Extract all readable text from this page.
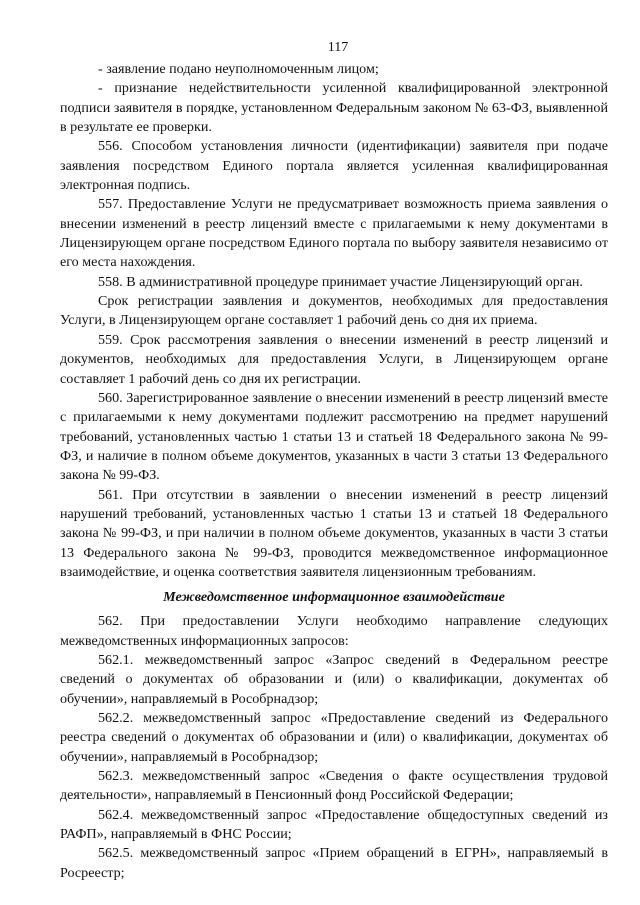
117

- заявление подано неуполномоченным лицом;

- признание недействительности усиленной квалифицированной электронной подписи заявителя в порядке, установленном Федеральным законом № 63-ФЗ, выявленной в результате ее проверки.

556. Способом установления личности (идентификации) заявителя при подаче заявления посредством Единого портала является усиленная квалифицированная электронная подпись.

557. Предоставление Услуги не предусматривает возможность приема заявления о внесении изменений в реестр лицензий вместе с прилагаемыми к нему документами в Лицензирующем органе посредством Единого портала по выбору заявителя независимо от его места нахождения.

558. В административной процедуре принимает участие Лицензирующий орган.

Срок регистрации заявления и документов, необходимых для предоставления Услуги, в Лицензирующем органе составляет 1 рабочий день со дня их приема.

559. Срок рассмотрения заявления о внесении изменений в реестр лицензий и документов, необходимых для предоставления Услуги, в Лицензирующем органе составляет 1 рабочий день со дня их регистрации.

560. Зарегистрированное заявление о внесении изменений в реестр лицензий вместе с прилагаемыми к нему документами подлежит рассмотрению на предмет нарушений требований, установленных частью 1 статьи 13 и статьей 18 Федерального закона № 99-ФЗ, и наличие в полном объеме документов, указанных в части 3 статьи 13 Федерального закона № 99-ФЗ.

561. При отсутствии в заявлении о внесении изменений в реестр лицензий нарушений требований, установленных частью 1 статьи 13 и статьей 18 Федерального закона № 99-ФЗ, и при наличии в полном объеме документов, указанных в части 3 статьи 13 Федерального закона № 99-ФЗ, проводится межведомственное информационное взаимодействие, и оценка соответствия заявителя лицензионным требованиям.

Межведомственное информационное взаимодействие

562. При предоставлении Услуги необходимо направление следующих межведомственных информационных запросов:

562.1. межведомственный запрос «Запрос сведений в Федеральном реестре сведений о документах об образовании и (или) о квалификации, документах об обучении», направляемый в Рособрнадзор;

562.2. межведомственный запрос «Предоставление сведений из Федерального реестра сведений о документах об образовании и (или) о квалификации, документах об обучении», направляемый в Рособрнадзор;

562.3. межведомственный запрос «Сведения о факте осуществления трудовой деятельности», направляемый в Пенсионный фонд Российской Федерации;

562.4. межведомственный запрос «Предоставление общедоступных сведений из РАФП», направляемый в ФНС России;

562.5. межведомственный запрос «Прием обращений в ЕГРН», направляемый в Росреестр;
